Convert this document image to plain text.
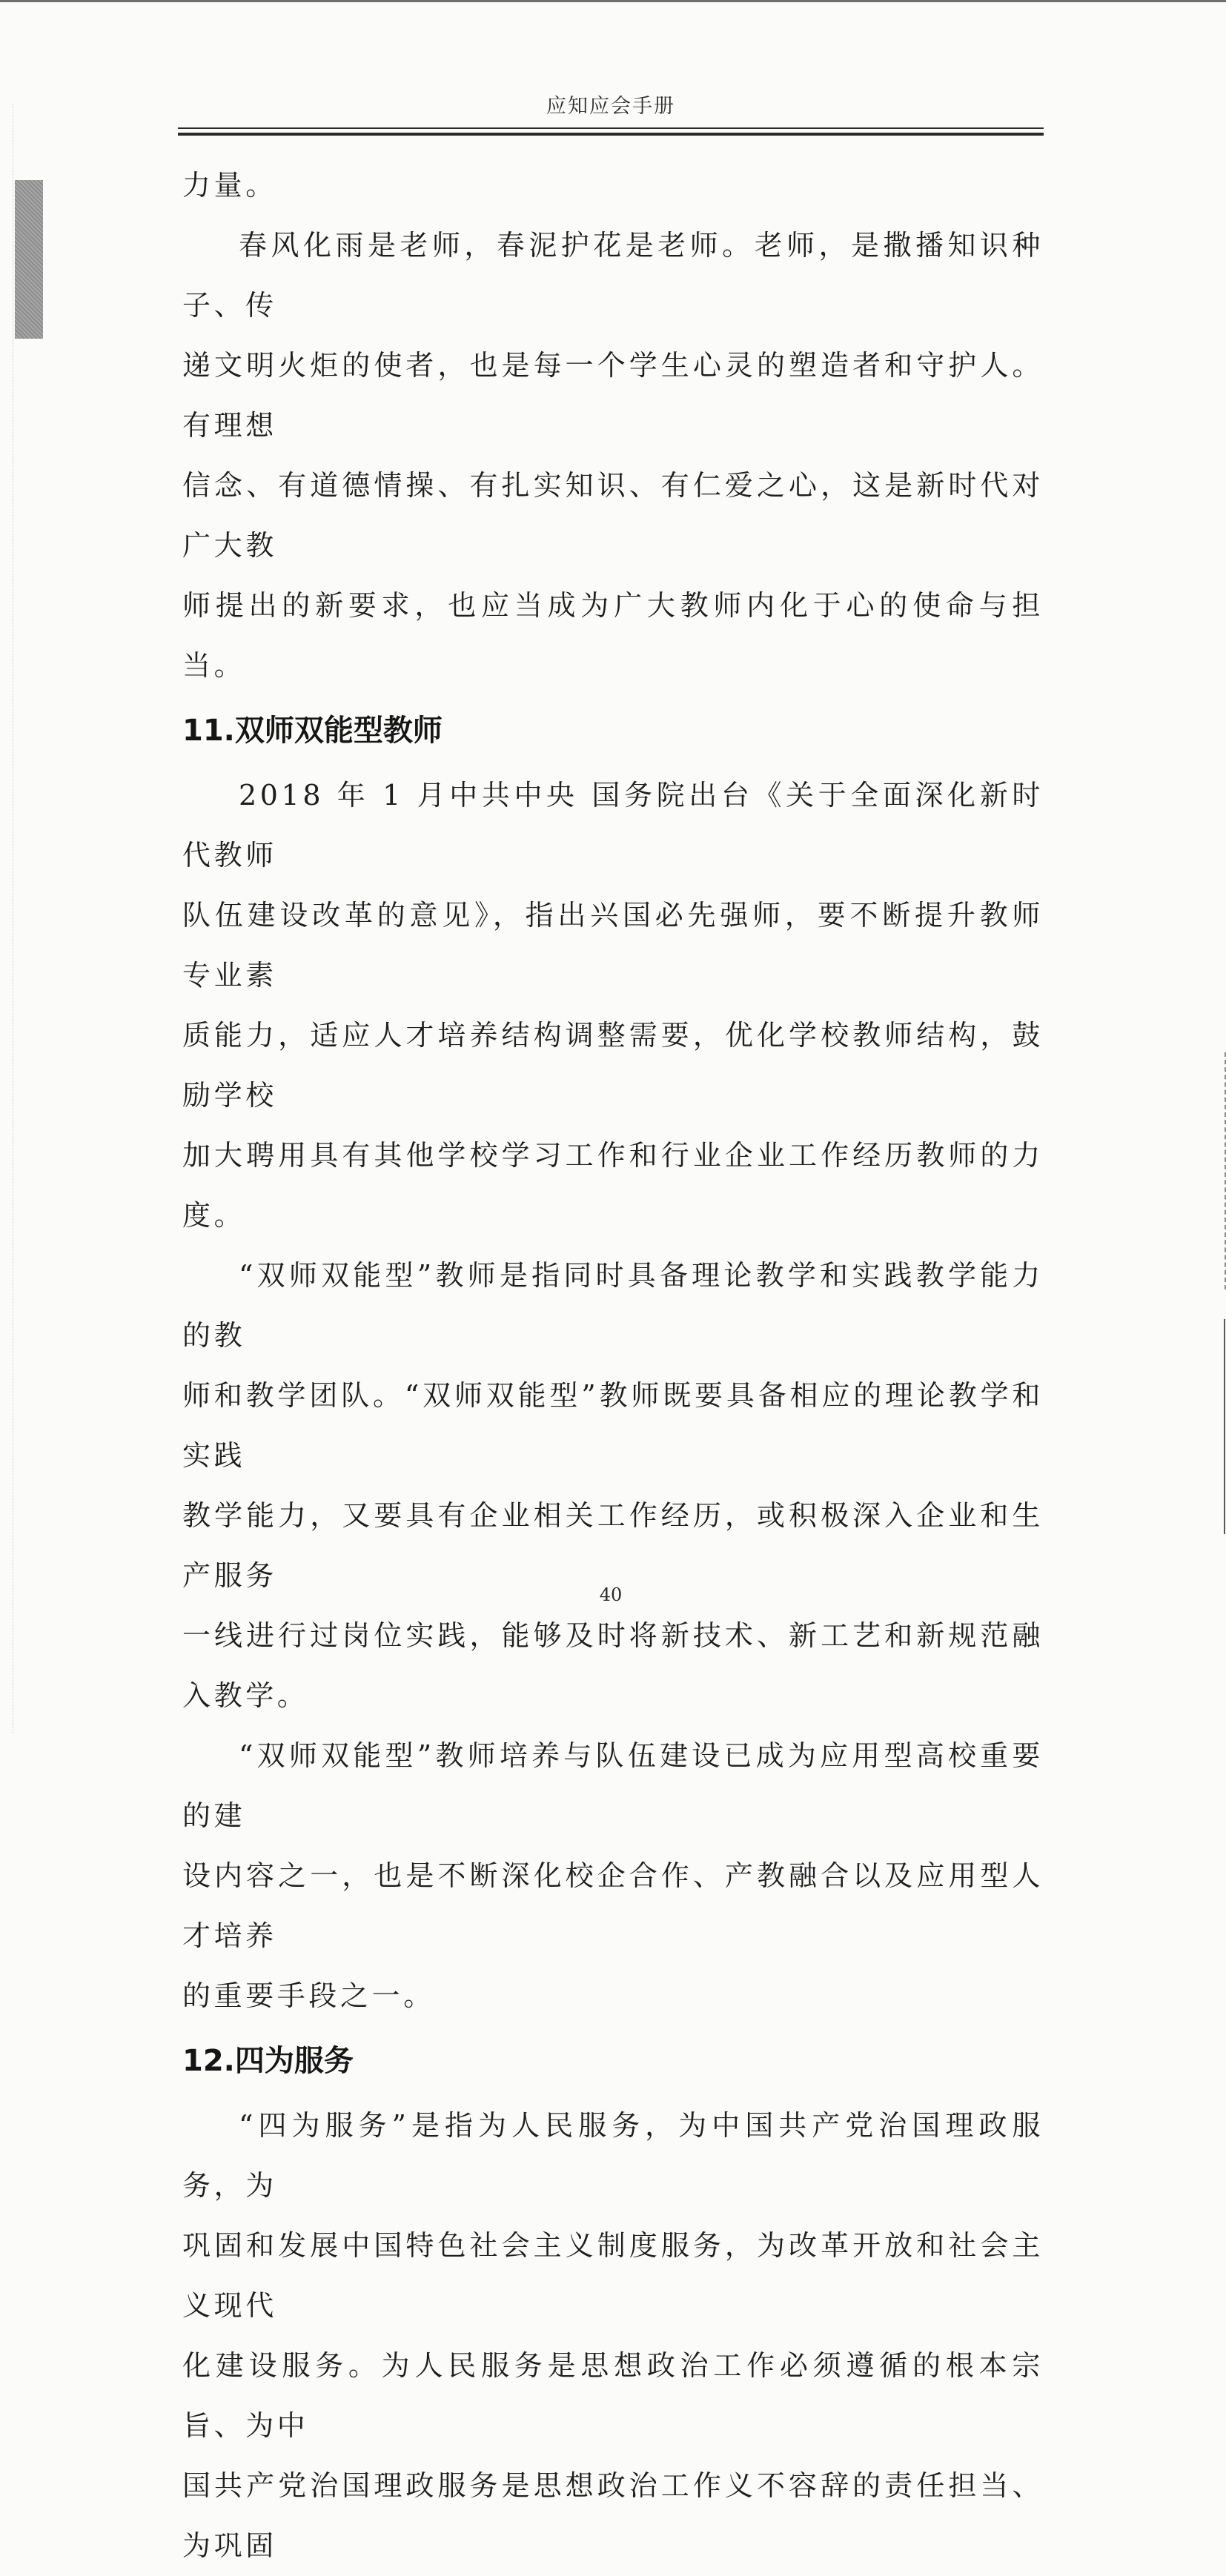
应知应会手册

力量。

春风化雨是老师，春泥护花是老师。老师，是撒播知识种子、传
递文明火炬的使者，也是每一个学生心灵的塑造者和守护人。有理想
信念、有道德情操、有扎实知识、有仁爱之心，这是新时代对广大教
师提出的新要求，也应当成为广大教师内化于心的使命与担当。

11.双师双能型教师

2018 年 1 月中共中央 国务院出台《关于全面深化新时代教师
队伍建设改革的意见》，指出兴国必先强师，要不断提升教师专业素
质能力，适应人才培养结构调整需要，优化学校教师结构，鼓励学校
加大聘用具有其他学校学习工作和行业企业工作经历教师的力度。

“双师双能型”教师是指同时具备理论教学和实践教学能力的教
师和教学团队。“双师双能型”教师既要具备相应的理论教学和实践
教学能力，又要具有企业相关工作经历，或积极深入企业和生产服务
一线进行过岗位实践，能够及时将新技术、新工艺和新规范融入教学。

“双师双能型”教师培养与队伍建设已成为应用型高校重要的建
设内容之一，也是不断深化校企合作、产教融合以及应用型人才培养
的重要手段之一。

12.四为服务

“四为服务”是指为人民服务，为中国共产党治国理政服务，为
巩固和发展中国特色社会主义制度服务，为改革开放和社会主义现代
化建设服务。为人民服务是思想政治工作必须遵循的根本宗旨、为中
国共产党治国理政服务是思想政治工作义不容辞的责任担当、为巩固

40
